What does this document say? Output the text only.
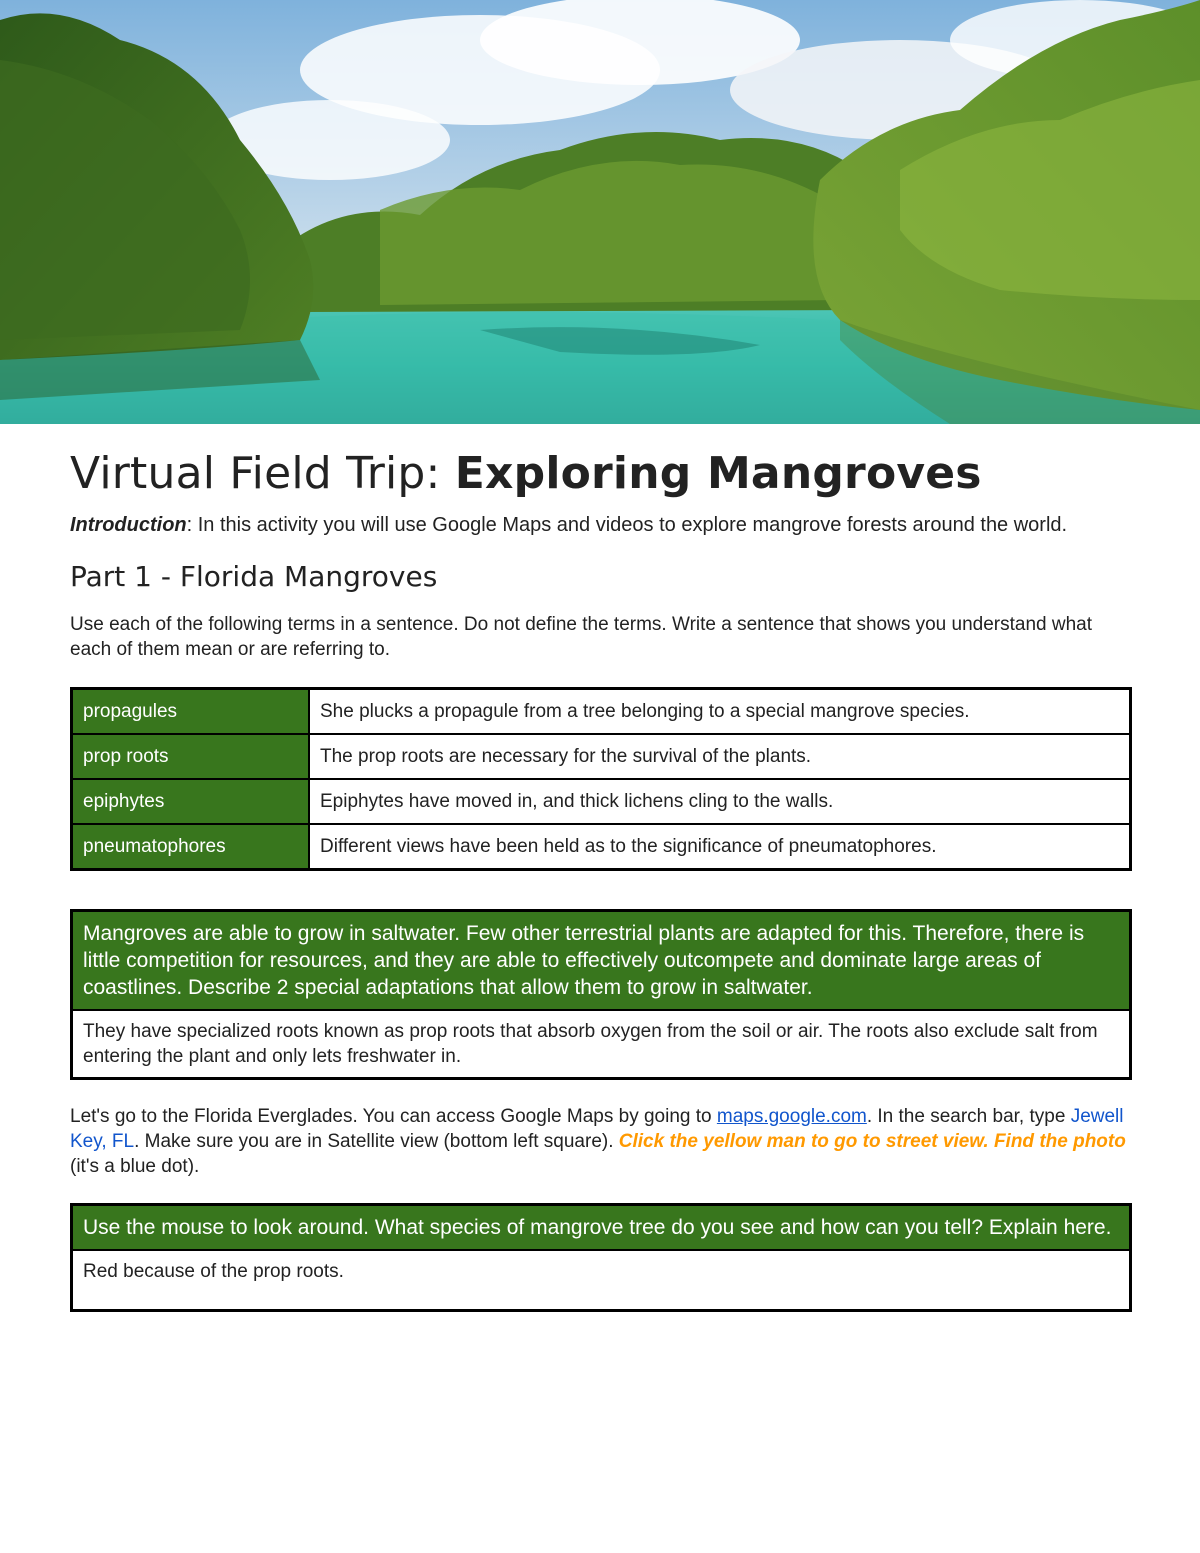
Virtual Field Trip: Exploring Mangroves

Introduction: In this activity you will use Google Maps and videos to explore mangrove forests around the world.

Part 1 - Florida Mangroves

Use each of the following terms in a sentence. Do not define the terms. Write a sentence that shows you understand what each of them mean or are referring to.

propagules	She plucks a propagule from a tree belonging to a special mangrove species.
prop roots	The prop roots are necessary for the survival of the plants.
epiphytes	Epiphytes have moved in, and thick lichens cling to the walls.
pneumatophores	Different views have been held as to the significance of pneumatophores.
Mangroves are able to grow in saltwater. Few other terrestrial plants are adapted for this. Therefore, there is little competition for resources, and they are able to effectively outcompete and dominate large areas of coastlines. Describe 2 special adaptations that allow them to grow in saltwater.
They have specialized roots known as prop roots that absorb oxygen from the soil or air. The roots also exclude salt from entering the plant and only lets freshwater in.

Let's go to the Florida Everglades. You can access Google Maps by going to maps.google.com. In the search bar, type Jewell Key, FL. Make sure you are in Satellite view (bottom left square). Click the yellow man to go to street view. Find the photo (it's a blue dot).

Use the mouse to look around. What species of mangrove tree do you see and how can you tell? Explain here.
Red because of the prop roots.
